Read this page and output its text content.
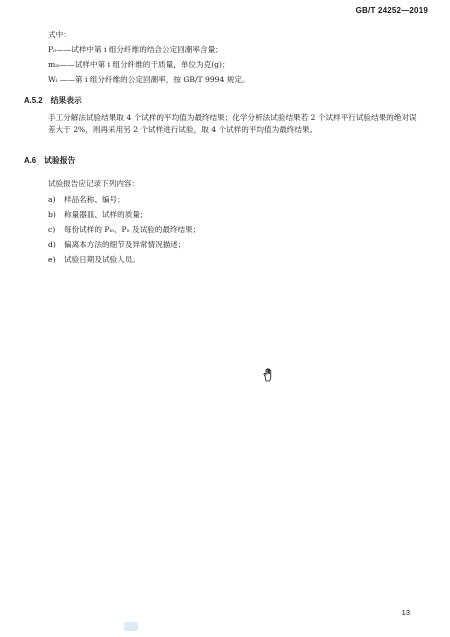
GB/T 24252—2019
式中：
Pₒ——试样中第 i 组分纤维的结合公定回潮率含量；
mᵢₒ——试样中第 i 组分纤维的干质量，单位为克(g)；
Wᵢ ——第 i 组分纤维的公定回潮率，按 GB/T 9994 规定。
A.5.2 结果表示
手工分解法试验结果取 4 个试样的平均值为最终结果；化学分析法试验结果若 2 个试样平行试验结果的绝对误差大于 2%，则再采用另 2 个试样进行试验，取 4 个试样的平均值为最终结果。
A.6 试验报告
试验报告应记录下列内容：
a) 样品名称、编号；
b) 称量器皿、试样的质量；
c) 每份试样的 Pᵢₒ、Pₒ 及试验的最终结果；
d) 偏离本方法的细节及异常情况描述；
e) 试验日期及试验人员。
13
